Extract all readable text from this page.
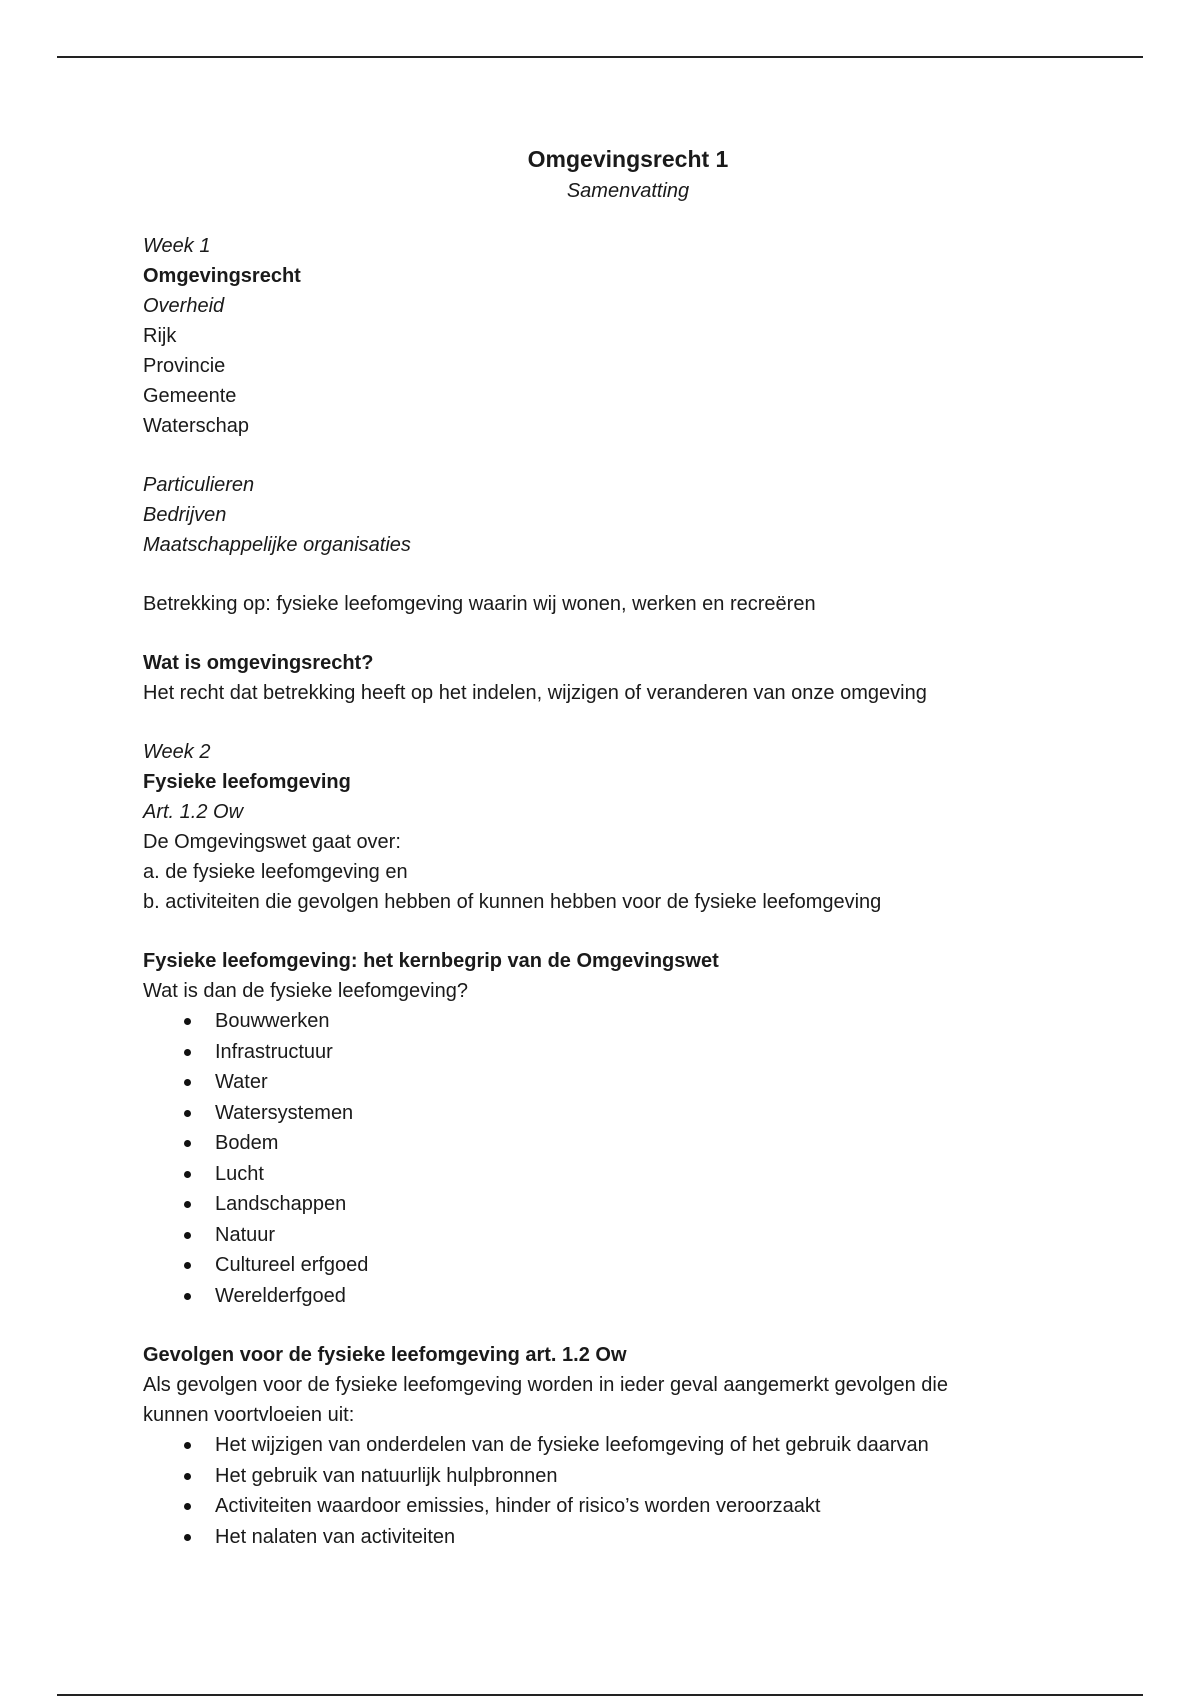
Omgevingsrecht 1

Samenvatting

Week 1

Omgevingsrecht

Overheid

Rijk

Provincie

Gemeente

Waterschap

Particulieren

Bedrijven

Maatschappelijke organisaties

Betrekking op: fysieke leefomgeving waarin wij wonen, werken en recreëren

Wat is omgevingsrecht?

Het recht dat betrekking heeft op het indelen, wijzigen of veranderen van onze omgeving

Week 2

Fysieke leefomgeving

Art. 1.2 Ow

De Omgevingswet gaat over:

a. de fysieke leefomgeving en

b. activiteiten die gevolgen hebben of kunnen hebben voor de fysieke leefomgeving

Fysieke leefomgeving: het kernbegrip van de Omgevingswet

Wat is dan de fysieke leefomgeving?

Bouwwerken
Infrastructuur
Water
Watersystemen
Bodem
Lucht
Landschappen
Natuur
Cultureel erfgoed
Werelderfgoed

Gevolgen voor de fysieke leefomgeving art. 1.2 Ow

Als gevolgen voor de fysieke leefomgeving worden in ieder geval aangemerkt gevolgen die

kunnen voortvloeien uit:

Het wijzigen van onderdelen van de fysieke leefomgeving of het gebruik daarvan
Het gebruik van natuurlijk hulpbronnen
Activiteiten waardoor emissies, hinder of risico’s worden veroorzaakt
Het nalaten van activiteiten
